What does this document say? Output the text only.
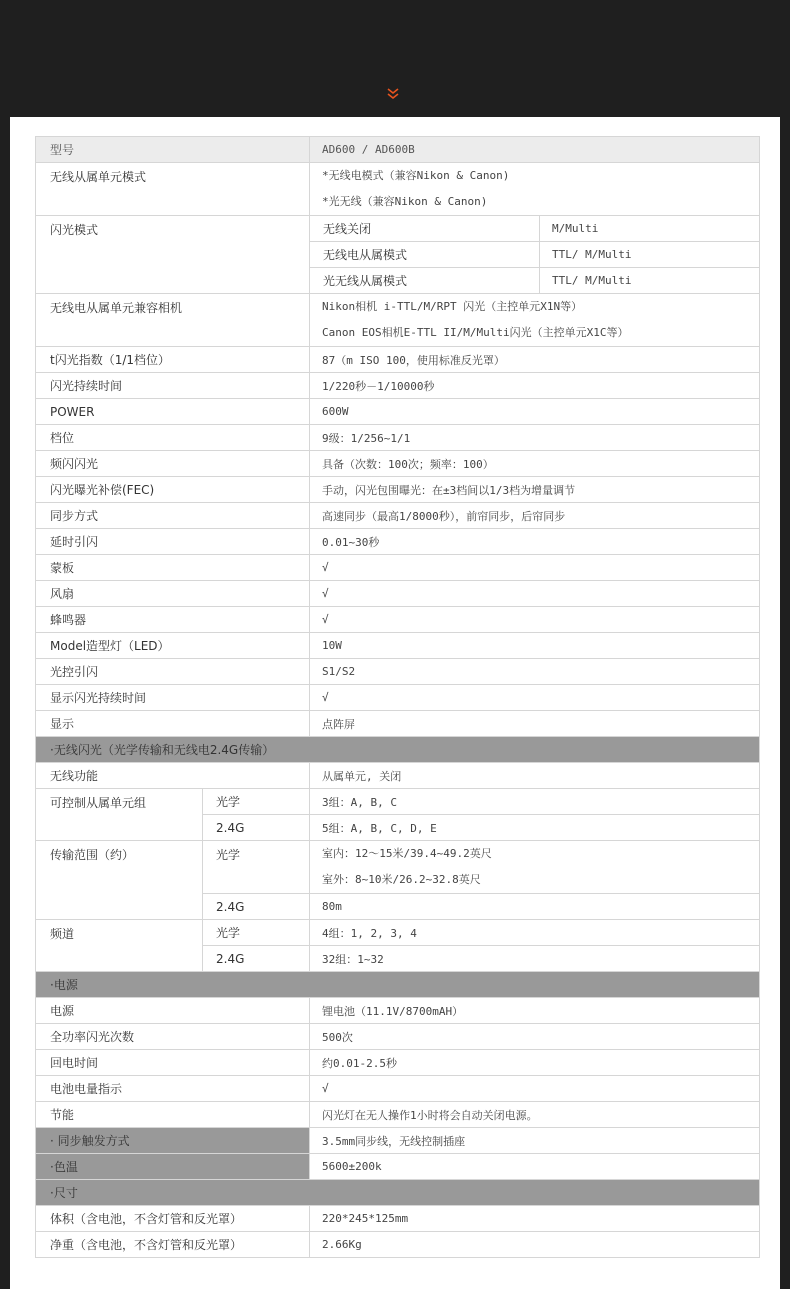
型号		AD600 / AD600B	
无线从属单元模式		*无线电模式（兼容Nikon & Canon)
*光无线（兼容Nikon & Canon)	

闪光模式		无线关闭	M/Multi
		无线电从属模式	TTL/ M/Multi
		光无线从属模式	TTL/ M/Multi
无线电从属单元兼容相机		Nikon相机 i-TTL/M/RPT 闪光（主控单元X1N等）
Canon EOS相机E-TTL II/M/Multi闪光（主控单元X1C等）	

t闪光指数（1/1档位）		87（m ISO 100，使用标准反光罩）	
闪光持续时间		1/220秒－1/10000秒	
POWER		600W	
档位		9级：1/256~1/1	
频闪闪光		具备（次数：100次；频率：100）	
闪光曝光补偿(FEC)		手动，闪光包围曝光：在±3档间以1/3档为增量调节	
同步方式		高速同步（最高1/8000秒），前帘同步，后帘同步	
延时引闪		0.01~30秒	
蒙板		√	
风扇		√	
蜂鸣器		√	
Model造型灯（LED）		10W	
光控引闪		S1/S2	
显示闪光持续时间		√	
显示		点阵屏	
·无线闪光（光学传输和无线电2.4G传输）			
无线功能		从属单元, 关闭	
可控制从属单元组	光学	3组：A, B, C	
	2.4G	5组：A, B, C, D, E	
传输范围（约）	光学	室内：12～15米/39.4~49.2英尺
室外：8~10米/26.2~32.8英尺	

	2.4G	80m	
频道	光学	4组：1, 2, 3, 4	
	2.4G	32组：1~32	
·电源			
电源		锂电池（11.1V/8700mAH）	
全功率闪光次数		500次	
回电时间		约0.01-2.5秒	
电池电量指示		√	
节能		闪光灯在无人操作1小时将会自动关闭电源。	
· 同步触发方式		3.5mm同步线，无线控制插座	
·色温		5600±200k	
·尺寸			
体积（含电池，不含灯管和反光罩）		220*245*125mm	
净重（含电池，不含灯管和反光罩）		2.66Kg	
